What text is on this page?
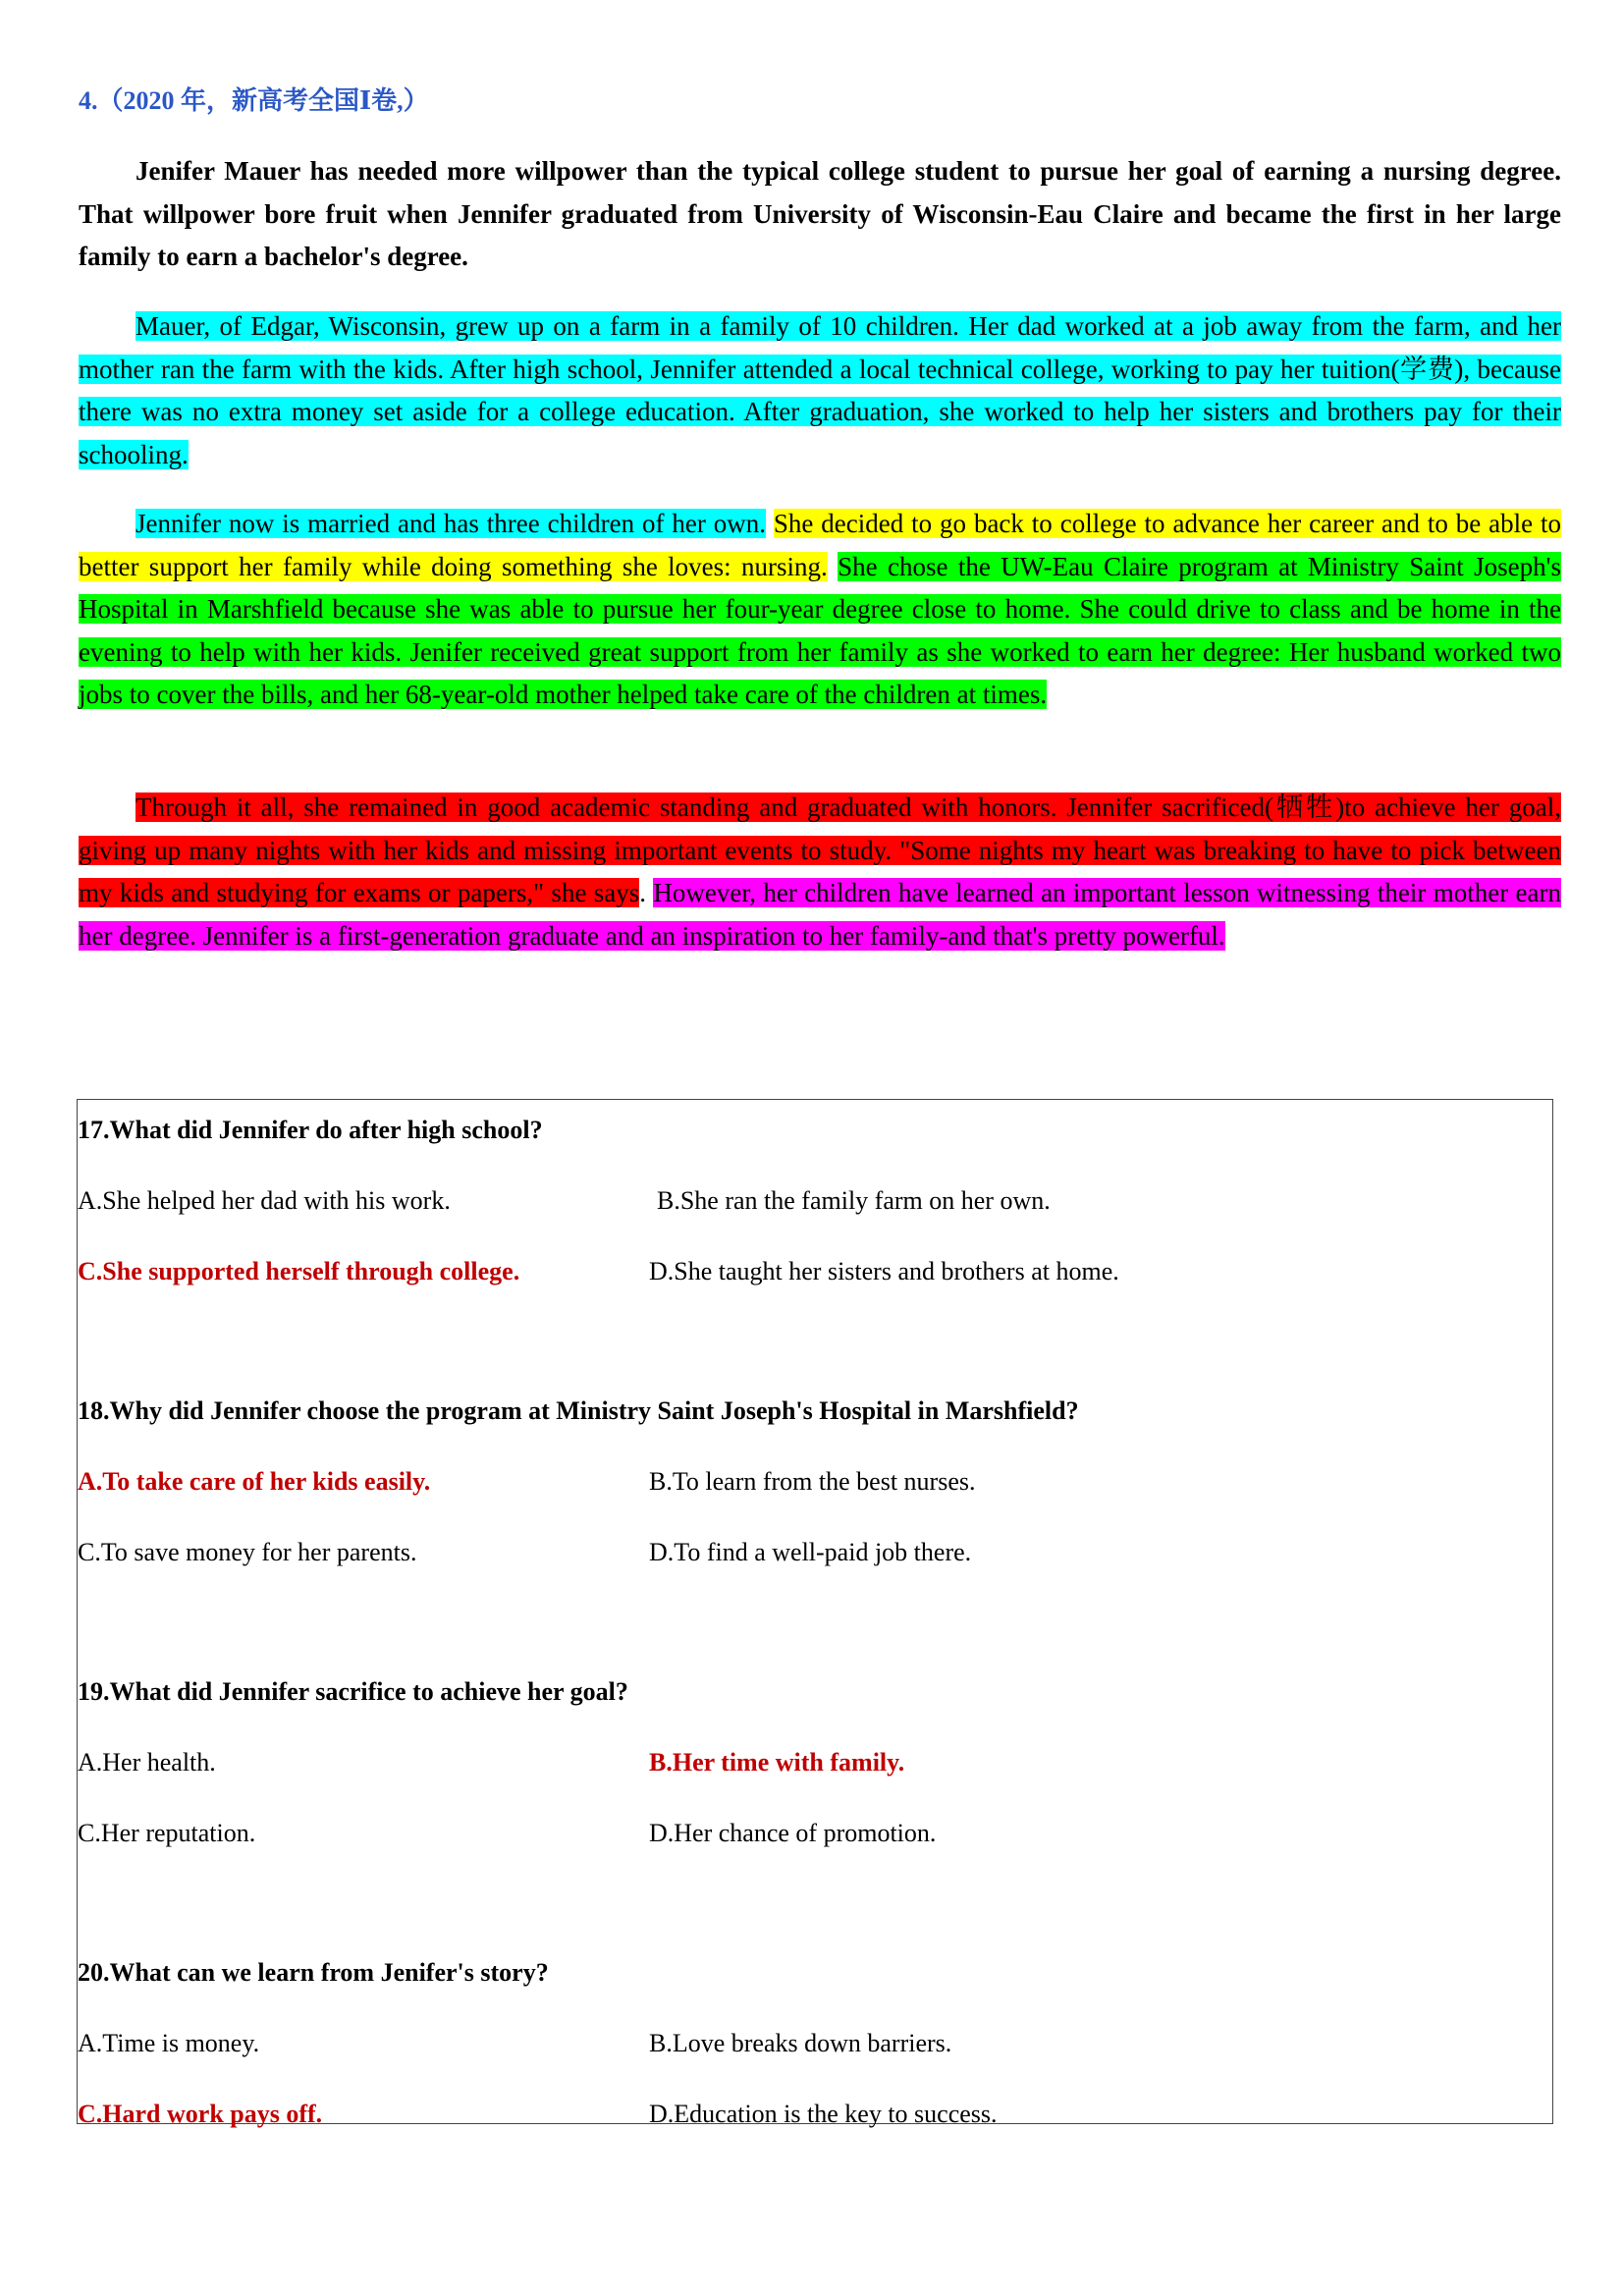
4.（2020 年，新高考全国Ⅰ卷,）

Jenifer Mauer has needed more willpower than the typical college student to pursue her goal of earning a nursing degree. That willpower bore fruit when Jennifer graduated from University of Wisconsin-Eau Claire and became the first in her large family to earn a bachelor's degree.

Mauer, of Edgar, Wisconsin, grew up on a farm in a family of 10 children. Her dad worked at a job away from the farm, and her mother ran the farm with the kids. After high school, Jennifer attended a local technical college, working to pay her tuition(学费), because there was no extra money set aside for a college education. After graduation, she worked to help her sisters and brothers pay for their schooling.

Jennifer now is married and has three children of her own. She decided to go back to college to advance her career and to be able to better support her family while doing something she loves: nursing. She chose the UW-Eau Claire program at Ministry Saint Joseph's Hospital in Marshfield because she was able to pursue her four-year degree close to home. She could drive to class and be home in the evening to help with her kids. Jenifer received great support from her family as she worked to earn her degree: Her husband worked two jobs to cover the bills, and her 68-year-old mother helped take care of the children at times.

Through it all, she remained in good academic standing and graduated with honors. Jennifer sacrificed(牺牲)to achieve her goal, giving up many nights with her kids and missing important events to study. "Some nights my heart was breaking to have to pick between my kids and studying for exams or papers," she says. However, her children have learned an important lesson witnessing their mother earn her degree. Jennifer is a first-generation graduate and an inspiration to her family-and that's pretty powerful.

17.What did Jennifer do after high school?
A.She helped her dad with his work.	B.She ran the family farm on her own.
C.She supported herself through college.	D.She taught her sisters and brothers at home.
18.Why did Jennifer choose the program at Ministry Saint Joseph's Hospital in Marshfield?
A.To take care of her kids easily.	B.To learn from the best nurses.
C.To save money for her parents.	D.To find a well-paid job there.
19.What did Jennifer sacrifice to achieve her goal?
A.Her health.	B.Her time with family.
C.Her reputation.	D.Her chance of promotion.
20.What can we learn from Jenifer's story?
A.Time is money.	B.Love breaks down barriers.
C.Hard work pays off.	D.Education is the key to success.
